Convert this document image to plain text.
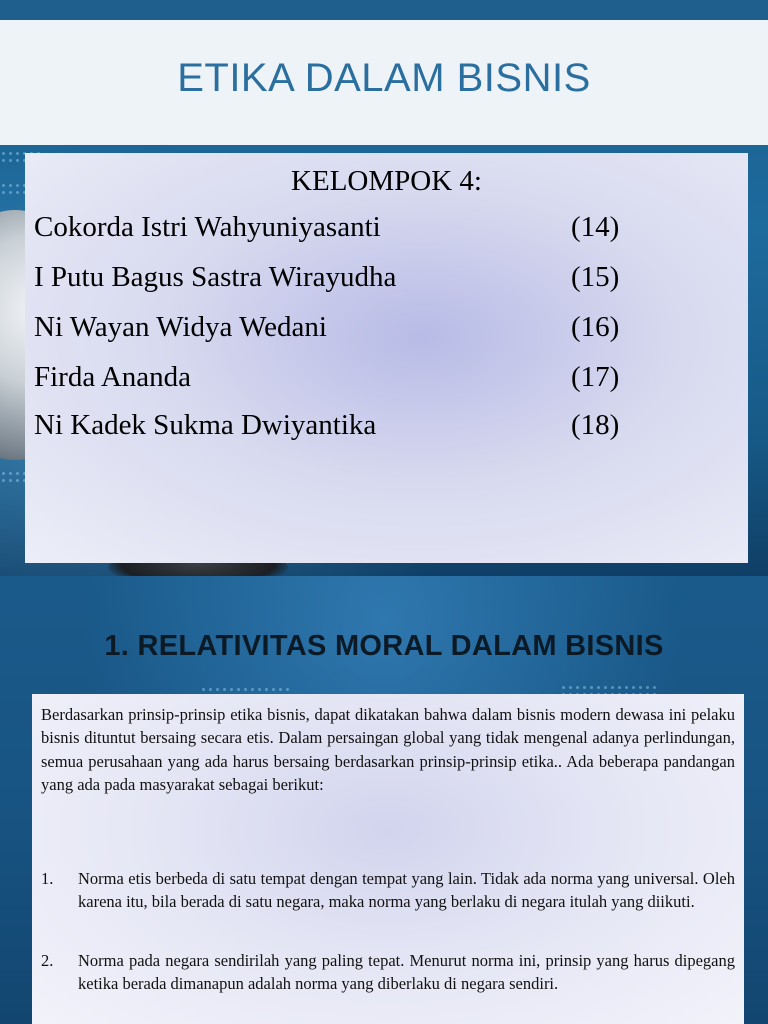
ETIKA DALAM BISNIS
KELOMPOK 4:
Cokorda Istri Wahyuniyasanti	(14)
I Putu Bagus Sastra Wirayudha	(15)
Ni Wayan Widya Wedani	(16)
Firda Ananda	(17)
Ni Kadek Sukma Dwiyantika	(18)
1. RELATIVITAS MORAL DALAM BISNIS
Berdasarkan prinsip-prinsip etika bisnis, dapat dikatakan bahwa dalam bisnis modern dewasa ini pelaku bisnis dituntut bersaing secara etis. Dalam persaingan global yang tidak mengenal adanya perlindungan, semua perusahaan yang ada harus bersaing berdasarkan prinsip-prinsip etika.. Ada beberapa pandangan yang ada pada masyarakat sebagai berikut:
1. Norma etis berbeda di satu tempat dengan tempat yang lain. Tidak ada norma yang universal. Oleh karena itu, bila berada di satu negara, maka norma yang berlaku di negara itulah yang diikuti.
2. Norma pada negara sendirilah yang paling tepat. Menurut norma ini, prinsip yang harus dipegang ketika berada dimanapun adalah norma yang diberlaku di negara sendiri.
